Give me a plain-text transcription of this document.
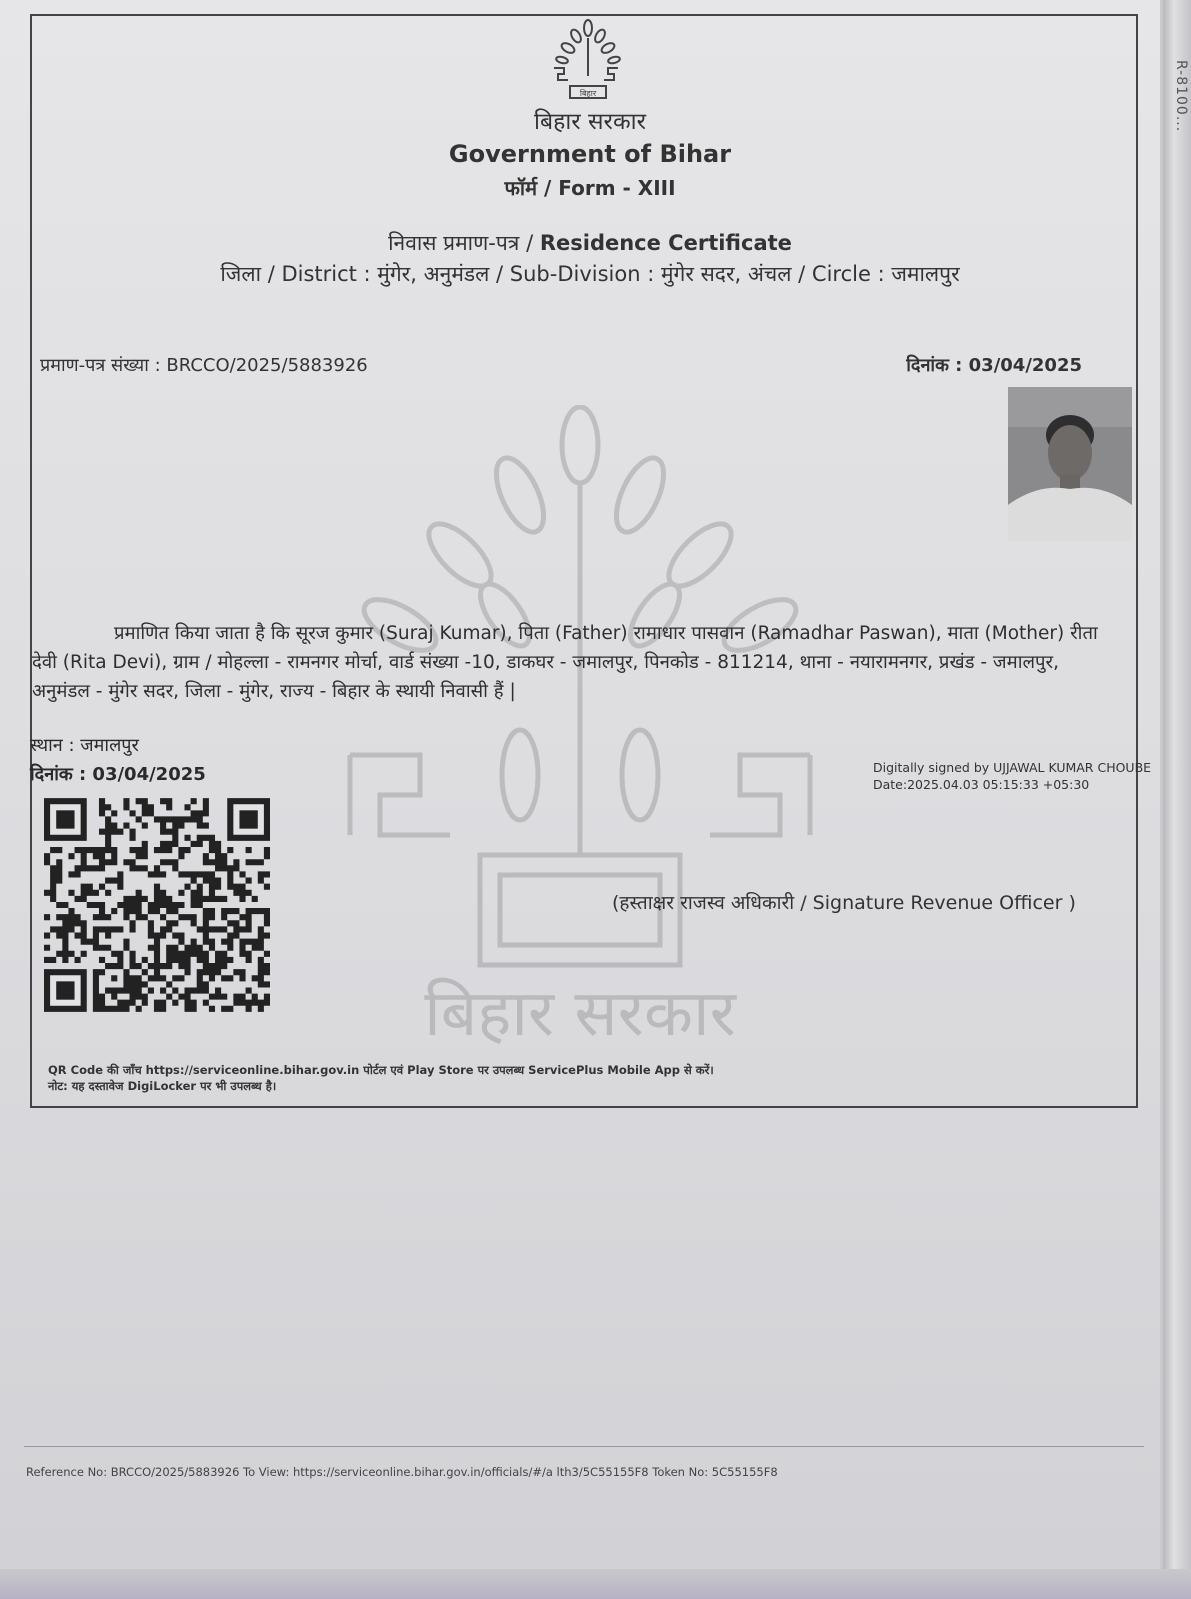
बिहार
बिहार सरकार
Government of Bihar
फॉर्म / Form - XIII
निवास प्रमाण-पत्र / Residence Certificate
जिला / District : मुंगेर, अनुमंडल / Sub-Division : मुंगेर सदर, अंचल / Circle : जमालपुर
प्रमाण-पत्र संख्या : BRCCO/2025/5883926	दिनांक : 03/04/2025
बिहार सरकार

प्रमाणित किया जाता है कि सूरज कुमार (Suraj Kumar), पिता (Father) रामाधार पासवान (Ramadhar Paswan), माता (Mother) रीता देवी (Rita Devi), ग्राम / मोहल्ला - रामनगर मोर्चा, वार्ड संख्या -10, डाकघर - जमालपुर, पिनकोड - 811214, थाना - नयारामनगर, प्रखंड - जमालपुर, अनुमंडल - मुंगेर सदर, जिला - मुंगेर, राज्य - बिहार के स्थायी निवासी हैं |

स्थान : जमालपुर
दिनांक : 03/04/2025	Digitally signed by UJJAWAL KUMAR CHOUBE
Date:2025.04.03 05:15:33 +05:30
(हस्ताक्षर राजस्व अधिकारी / Signature Revenue Officer )
QR Code की जाँच https://serviceonline.bihar.gov.in पोर्टल एवं Play Store पर उपलब्ध ServicePlus Mobile App से करें।
नोट: यह दस्तावेज DigiLocker पर भी उपलब्ध है।
Reference No: BRCCO/2025/5883926 To View: https://serviceonline.bihar.gov.in/officials/#/a lth3/5C55155F8 Token No: 5C55155F8
R-8100...
